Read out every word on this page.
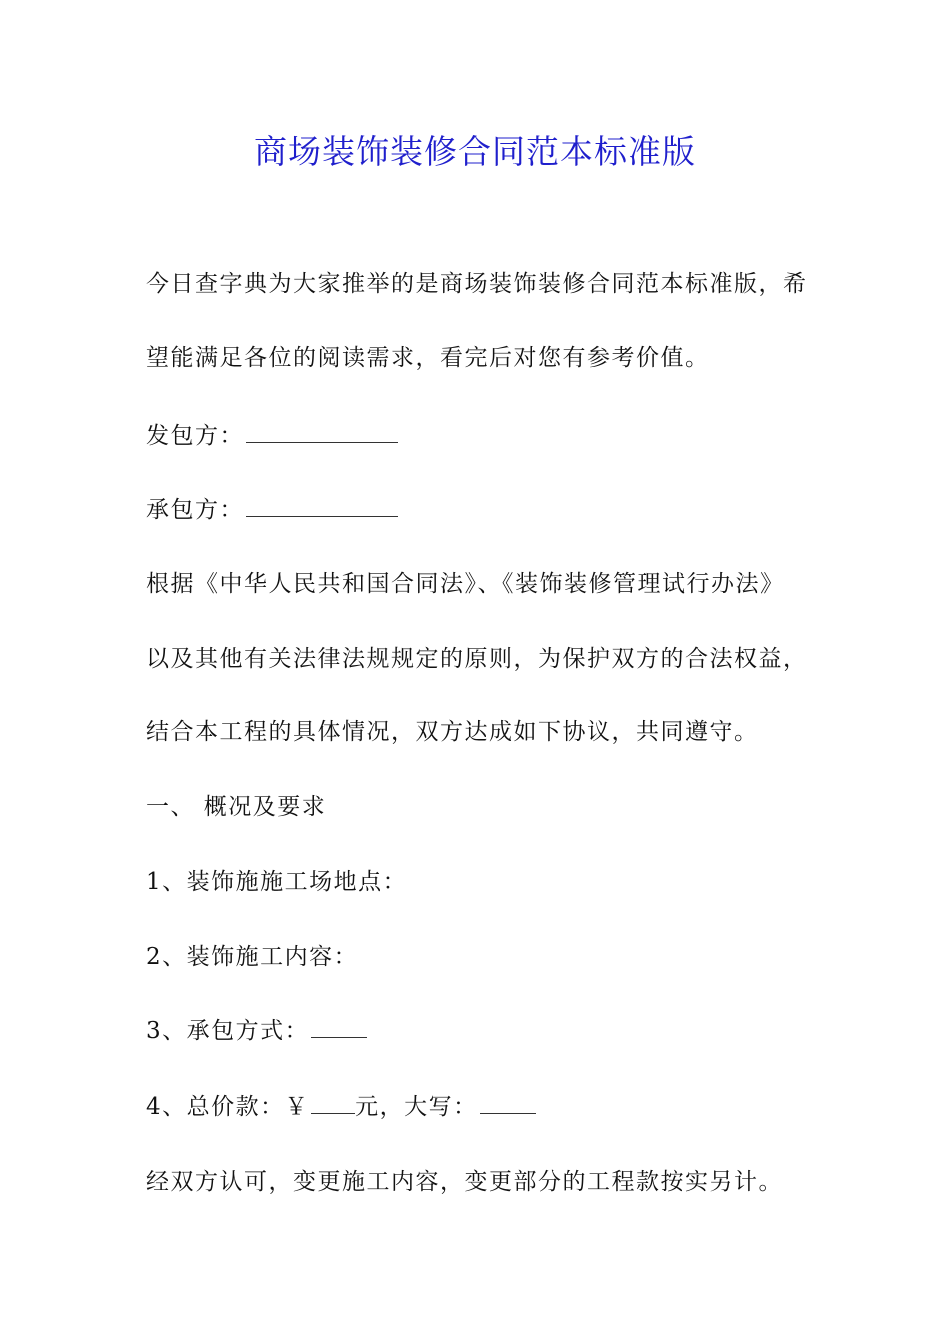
商场装饰装修合同范本标准版
今日查字典为大家推举的是商场装饰装修合同范本标准版，希
望能满足各位的阅读需求，看完后对您有参考价值。
发包方：
承包方：
根据《中华人民共和国合同法》、《装饰装修管理试行办法》
以及其他有关法律法规规定的原则，为保护双方的合法权益，
结合本工程的具体情况，双方达成如下协议，共同遵守。
一、 概况及要求
1、装饰施施工场地点：
2、装饰施工内容：
3、承包方式：
4、总价款：￥ 元，大写：
经双方认可，变更施工内容，变更部分的工程款按实另计。
